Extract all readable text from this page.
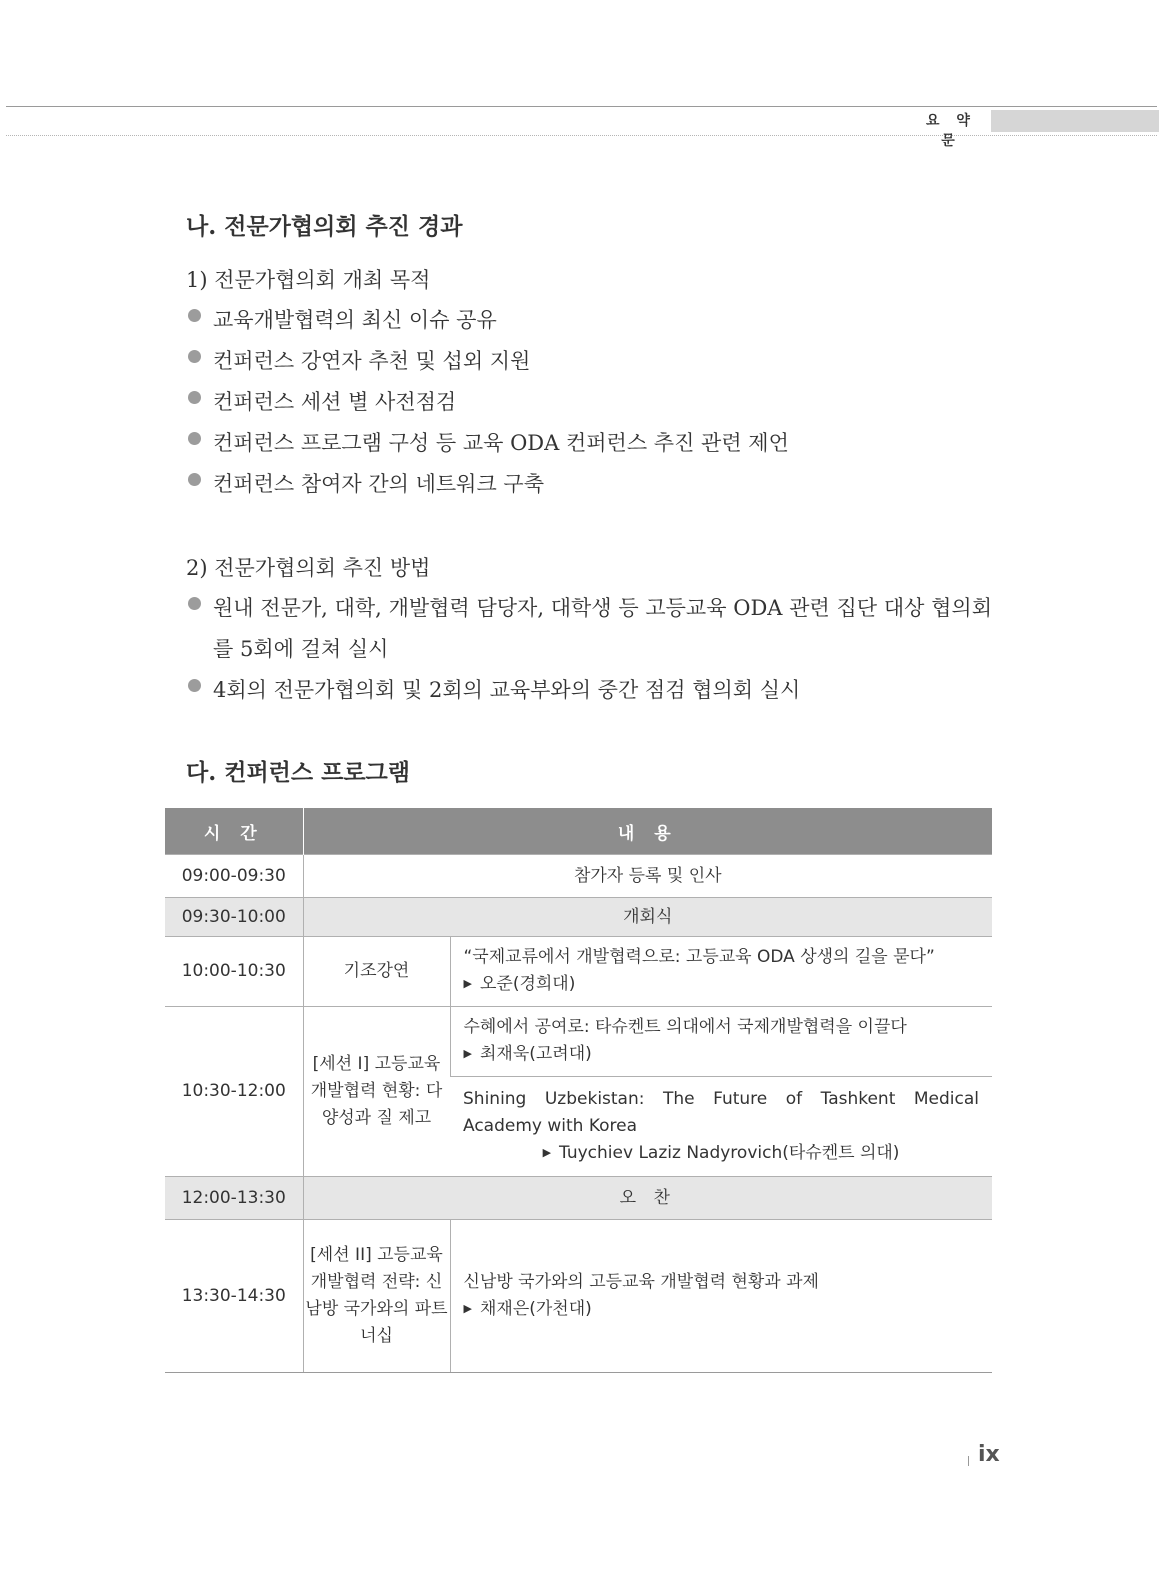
요 약 문
나. 전문가협의회 추진 경과
1) 전문가협의회 개최 목적
교육개발협력의 최신 이슈 공유
컨퍼런스 강연자 추천 및 섭외 지원
컨퍼런스 세션 별 사전점검
컨퍼런스 프로그램 구성 등 교육 ODA 컨퍼런스 추진 관련 제언
컨퍼런스 참여자 간의 네트워크 구축
2) 전문가협의회 추진 방법
원내 전문가, 대학, 개발협력 담당자, 대학생 등 고등교육 ODA 관련 집단 대상 협의회를 5회에 걸쳐 실시
4회의 전문가협의회 및 2회의 교육부와의 중간 점검 협의회 실시
다. 컨퍼런스 프로그램
시 간	내 용	
09:00-09:30	참가자 등록 및 인사	
09:30-10:00	개회식	
10:00-10:30	기조강연	“국제교류에서 개발협력으로: 고등교육 ODA 상생의 길을 묻다”
▶ 오준(경희대)

10:30-12:00	[세션 I] 고등교육 개발협력 현황: 다양성과 질 제고	수혜에서 공여로: 타슈켄트 의대에서 국제개발협력을 이끌다
▶ 최재욱(고려대)

		Shining Uzbekistan: The Future of Tashkent Medical Academy with Korea
▶ Tuychiev Laziz Nadyrovich(타슈켄트 의대)

12:00-13:30	오 찬	
13:30-14:30	[세션 II] 고등교육 개발협력 전략: 신남방 국가와의 파트너십	신남방 국가와의 고등교육 개발협력 현황과 과제
▶ 채재은(가천대)
ix
